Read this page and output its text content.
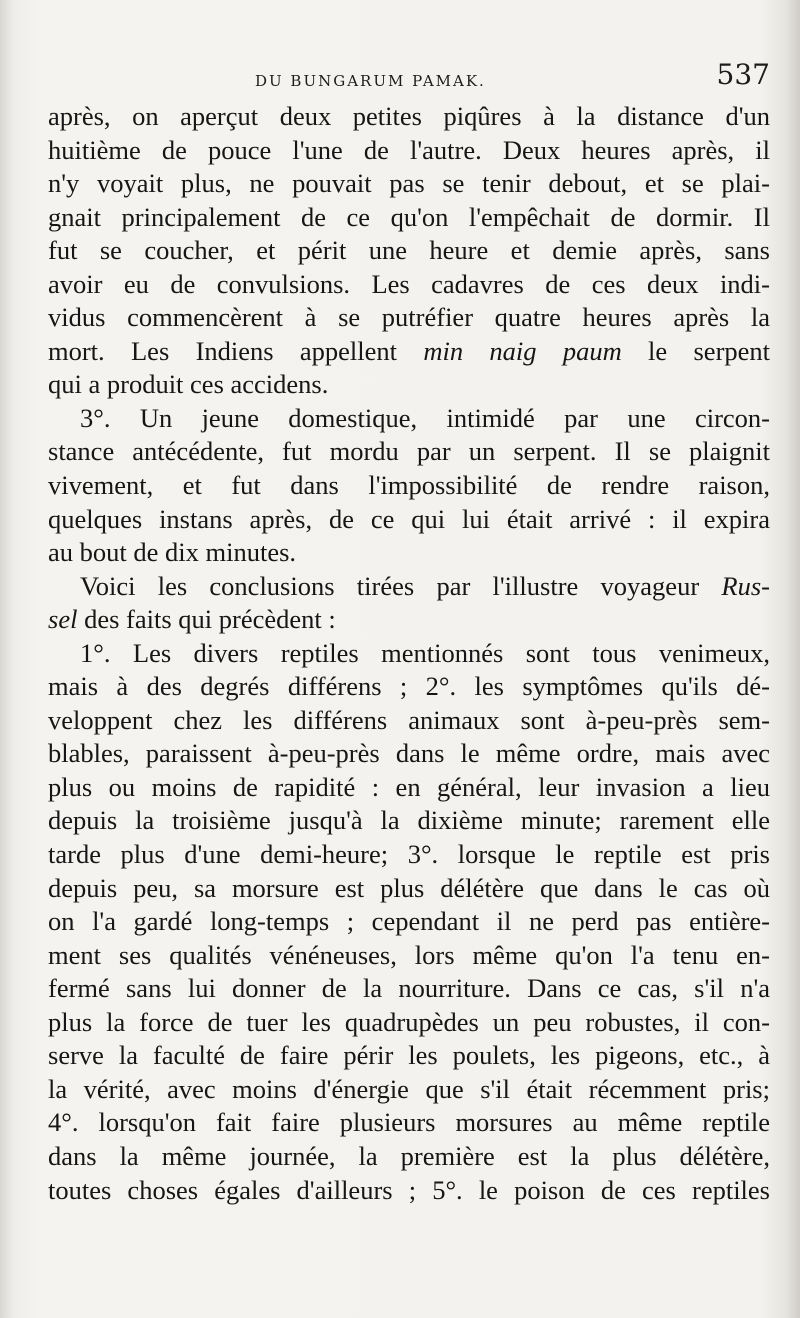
DU BUNGARUM PAMAK.	537
après, on aperçut deux petites piqûres à la distance d'un
huitième de pouce l'une de l'autre. Deux heures après, il
n'y voyait plus, ne pouvait pas se tenir debout, et se plai-
gnait principalement de ce qu'on l'empêchait de dormir. Il
fut se coucher, et périt une heure et demie après, sans
avoir eu de convulsions. Les cadavres de ces deux indi-
vidus commencèrent à se putréfier quatre heures après la
mort. Les Indiens appellent min naig paum le serpent
qui a produit ces accidens.
3°. Un jeune domestique, intimidé par une circon-
stance antécédente, fut mordu par un serpent. Il se plaignit
vivement, et fut dans l'impossibilité de rendre raison,
quelques instans après, de ce qui lui était arrivé : il expira
au bout de dix minutes.
Voici les conclusions tirées par l'illustre voyageur Rus-
sel des faits qui précèdent :
1°. Les divers reptiles mentionnés sont tous venimeux,
mais à des degrés différens ; 2°. les symptômes qu'ils dé-
veloppent chez les différens animaux sont à-peu-près sem-
blables, paraissent à-peu-près dans le même ordre, mais avec
plus ou moins de rapidité : en général, leur invasion a lieu
depuis la troisième jusqu'à la dixième minute; rarement elle
tarde plus d'une demi-heure; 3°. lorsque le reptile est pris
depuis peu, sa morsure est plus délétère que dans le cas où
on l'a gardé long-temps ; cependant il ne perd pas entière-
ment ses qualités vénéneuses, lors même qu'on l'a tenu en-
fermé sans lui donner de la nourriture. Dans ce cas, s'il n'a
plus la force de tuer les quadrupèdes un peu robustes, il con-
serve la faculté de faire périr les poulets, les pigeons, etc., à
la vérité, avec moins d'énergie que s'il était récemment pris;
4°. lorsqu'on fait faire plusieurs morsures au même reptile
dans la même journée, la première est la plus délétère,
toutes choses égales d'ailleurs ; 5°. le poison de ces reptiles
